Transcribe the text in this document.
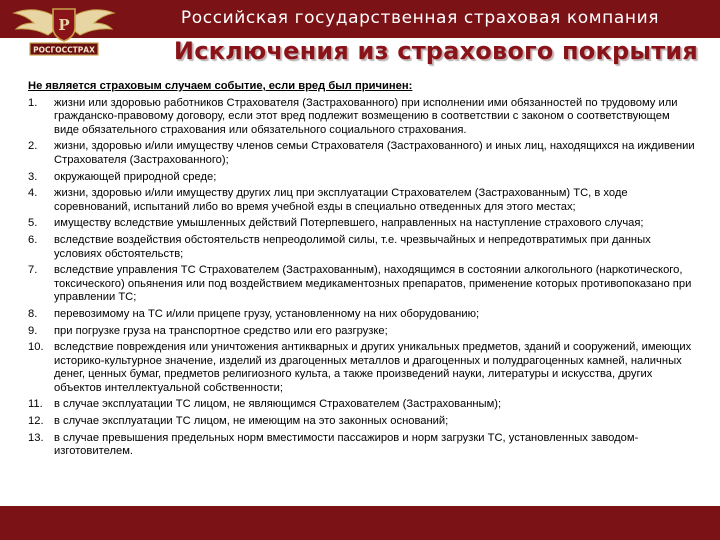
Российская государственная страховая компания
Р
РОСГОССТРАХ	Исключения из страхового покрытия
Не является страховым случаем событие, если вред был причинен:
1.	жизни или здоровью работников Страхователя (Застрахованного) при исполнении ими обязанностей по трудовому или гражданско-правовому договору, если этот вред подлежит возмещению в соответствии с законом о соответствующем виде обязательного страхования или обязательного социального страхования.
2.	жизни, здоровью и/или имуществу членов семьи Страхователя (Застрахованного) и иных лиц, находящихся на иждивении Страхователя (Застрахованного);
3.	окружающей природной среде;
4.	жизни, здоровью и/или имуществу других лиц при эксплуатации Страхователем (Застрахованным) ТС, в ходе соревнований, испытаний либо во время учебной езды в специально отведенных для этого местах;
5.	имуществу вследствие умышленных действий Потерпевшего, направленных на наступление страхового случая;
6.	вследствие воздействия обстоятельств непреодолимой силы, т.е. чрезвычайных и непредотвратимых при данных условиях обстоятельств;
7.	вследствие управления ТС Страхователем (Застрахованным), находящимся в состоянии алкогольного (наркотического, токсического) опьянения или под воздействием медикаментозных препаратов, применение которых противопоказано при управлении ТС;
8.	перевозимому на ТС и/или прицепе грузу, установленному на них оборудованию;
9.	при погрузке груза на транспортное средство или его разгрузке;
10. вследствие повреждения или уничтожения антикварных и других уникальных предметов, зданий и сооружений, имеющих историко-культурное значение, изделий из драгоценных металлов и драгоценных и полудрагоценных камней, наличных денег, ценных бумаг, предметов религиозного культа, а также произведений науки, литературы и искусства, других объектов интеллектуальной собственности;
11.	в случае эксплуатации ТС лицом, не являющимся Страхователем (Застрахованным);
12. в случае эксплуатации ТС лицом, не имеющим на это законных оснований;
13. в случае превышения предельных норм вместимости пассажиров и норм загрузки ТС, установленных заводом-изготовителем.
